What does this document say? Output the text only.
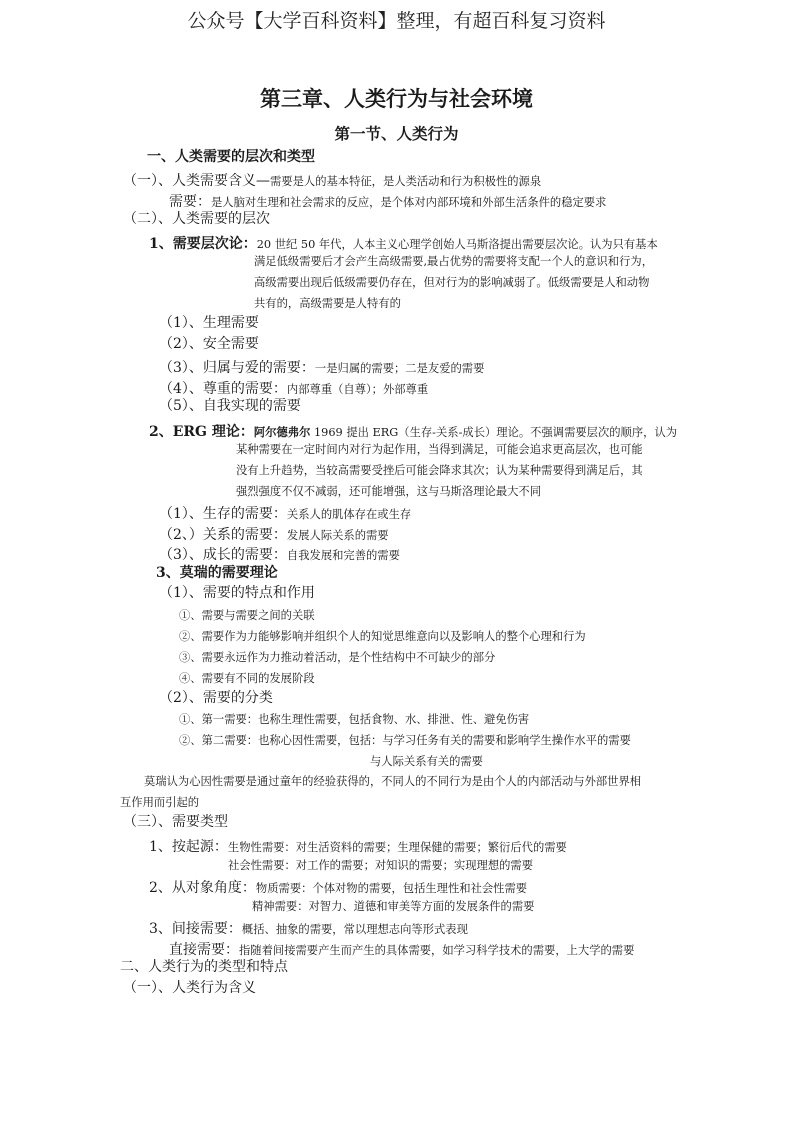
公众号【大学百科资料】整理，有超百科复习资料
第三章、人类行为与社会环境
第一节、人类行为
一、人类需要的层次和类型
（一）、人类需要含义—需要是人的基本特征，是人类活动和行为积极性的源泉
需要：是人脑对生理和社会需求的反应，是个体对内部环境和外部生活条件的稳定要求
（二）、人类需要的层次
1、需要层次论：20 世纪 50 年代，人本主义心理学创始人马斯洛提出需要层次论。认为只有基本
满足低级需要后才会产生高级需要,最占优势的需要将支配一个人的意识和行为，
高级需要出现后低级需要仍存在，但对行为的影响减弱了。低级需要是人和动物
共有的，高级需要是人特有的
（1）、生理需要
（2）、安全需要
（3）、归属与爱的需要：一是归属的需要；二是友爱的需要
（4）、尊重的需要：内部尊重（自尊）；外部尊重
（5）、自我实现的需要
2、ERG 理论：阿尔德弗尔 1969 提出 ERG（生存-关系-成长）理论。不强调需要层次的顺序，认为
某种需要在一定时间内对行为起作用，当得到满足，可能会追求更高层次，也可能
没有上升趋势，当较高需要受挫后可能会降求其次；认为某种需要得到满足后，其
强烈强度不仅不减弱，还可能增强，这与马斯洛理论最大不同
（1）、生存的需要：关系人的肌体存在或生存
（2、）关系的需要：发展人际关系的需要
（3）、成长的需要：自我发展和完善的需要
3、莫瑞的需要理论
（1）、需要的特点和作用
①、需要与需要之间的关联
②、需要作为力能够影响并组织个人的知觉思维意向以及影响人的整个心理和行为
③、需要永远作为力推动着活动，是个性结构中不可缺少的部分
④、需要有不同的发展阶段
（2）、需要的分类
①、第一需要：也称生理性需要，包括食物、水、排泄、性、避免伤害
②、第二需要：也称心因性需要，包括：与学习任务有关的需要和影响学生操作水平的需要
与人际关系有关的需要
莫瑞认为心因性需要是通过童年的经验获得的，不同人的不同行为是由个人的内部活动与外部世界相
互作用而引起的
（三）、需要类型
1、按起源：生物性需要：对生活资料的需要；生理保健的需要；繁衍后代的需要
社会性需要：对工作的需要；对知识的需要；实现理想的需要
2、从对象角度：物质需要：个体对物的需要，包括生理性和社会性需要
精神需要：对智力、道德和审美等方面的发展条件的需要
3、间接需要：概括、抽象的需要，常以理想志向等形式表现
直接需要：指随着间接需要产生而产生的具体需要，如学习科学技术的需要，上大学的需要
二、人类行为的类型和特点
（一）、人类行为含义
